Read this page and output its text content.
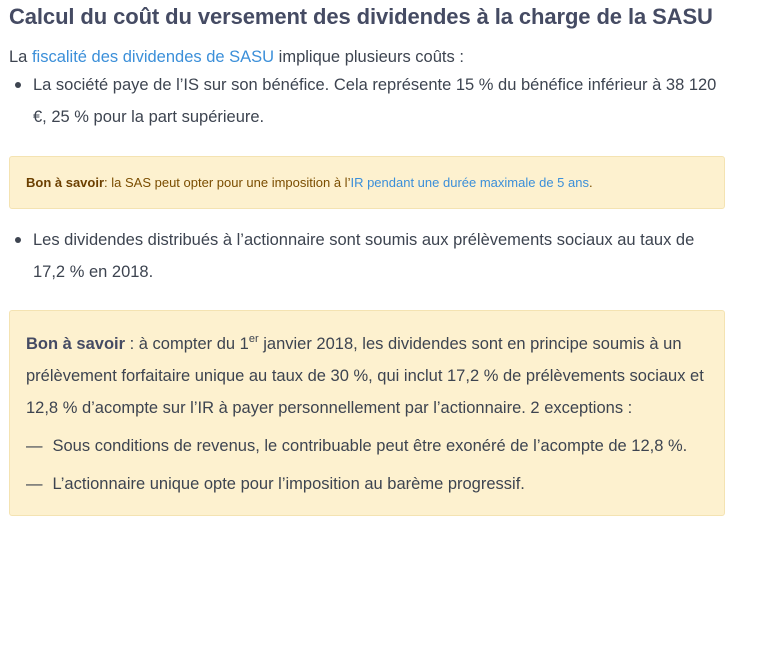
Calcul du coût du versement des dividendes à la charge de la SASU

La fiscalité des dividendes de SASU implique plusieurs coûts :

La société paye de l’IS sur son bénéfice. Cela représente 15 % du bénéfice inférieur à 38 120 €, 25 % pour la part supérieure.
Bon à savoir: la SAS peut opter pour une imposition à l’IR pendant une durée maximale de 5 ans.
Les dividendes distribués à l’actionnaire sont soumis aux prélèvements sociaux au taux de 17,2 % en 2018.
Bon à savoir : à compter du 1er janvier 2018, les dividendes sont en principe soumis à un prélèvement forfaitaire unique au taux de 30 %, qui inclut 17,2 % de prélèvements sociaux et 12,8 % d’acompte sur l’IR à payer personnellement par l’actionnaire. 2 exceptions :
— Sous conditions de revenus, le contribuable peut être exonéré de l’acompte de 12,8 %.
— L’actionnaire unique opte pour l’imposition au barème progressif.
